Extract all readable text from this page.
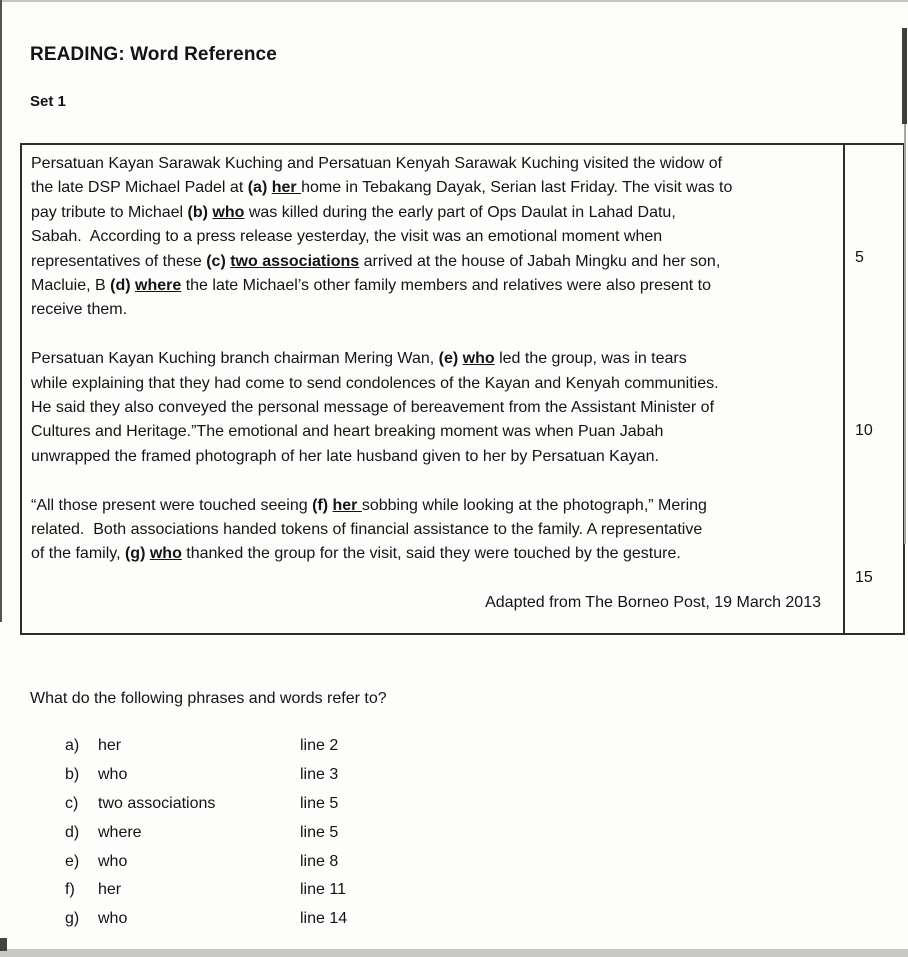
READING: Word Reference
Set 1
Persatuan Kayan Sarawak Kuching and Persatuan Kenyah Sarawak Kuching visited the widow of
the late DSP Michael Padel at (a) her home in Tebakang Dayak, Serian last Friday. The visit was to
pay tribute to Michael (b) who was killed during the early part of Ops Daulat in Lahad Datu,
Sabah.  According to a press release yesterday, the visit was an emotional moment when
representatives of these (c) two associations arrived at the house of Jabah Mingku and her son,
Macluie, B (d) where the late Michael’s other family members and relatives were also present to
receive them.
Persatuan Kayan Kuching branch chairman Mering Wan, (e) who led the group, was in tears
while explaining that they had come to send condolences of the Kayan and Kenyah communities.
He said they also conveyed the personal message of bereavement from the Assistant Minister of
Cultures and Heritage.”The emotional and heart breaking moment was when Puan Jabah
unwrapped the framed photograph of her late husband given to her by Persatuan Kayan.
“All those present were touched seeing (f) her sobbing while looking at the photograph,” Mering
related.  Both associations handed tokens of financial assistance to the family. A representative
of the family, (g) who thanked the group for the visit, said they were touched by the gesture.
Adapted from The Borneo Post, 19 March 2013
5
10
15
What do the following phrases and words refer to?
a)	her	line 2
b)	who	line 3
c)	two associations	line 5
d)	where	line 5
e)	who	line 8
f)	her	line 11
g)	who	line 14
